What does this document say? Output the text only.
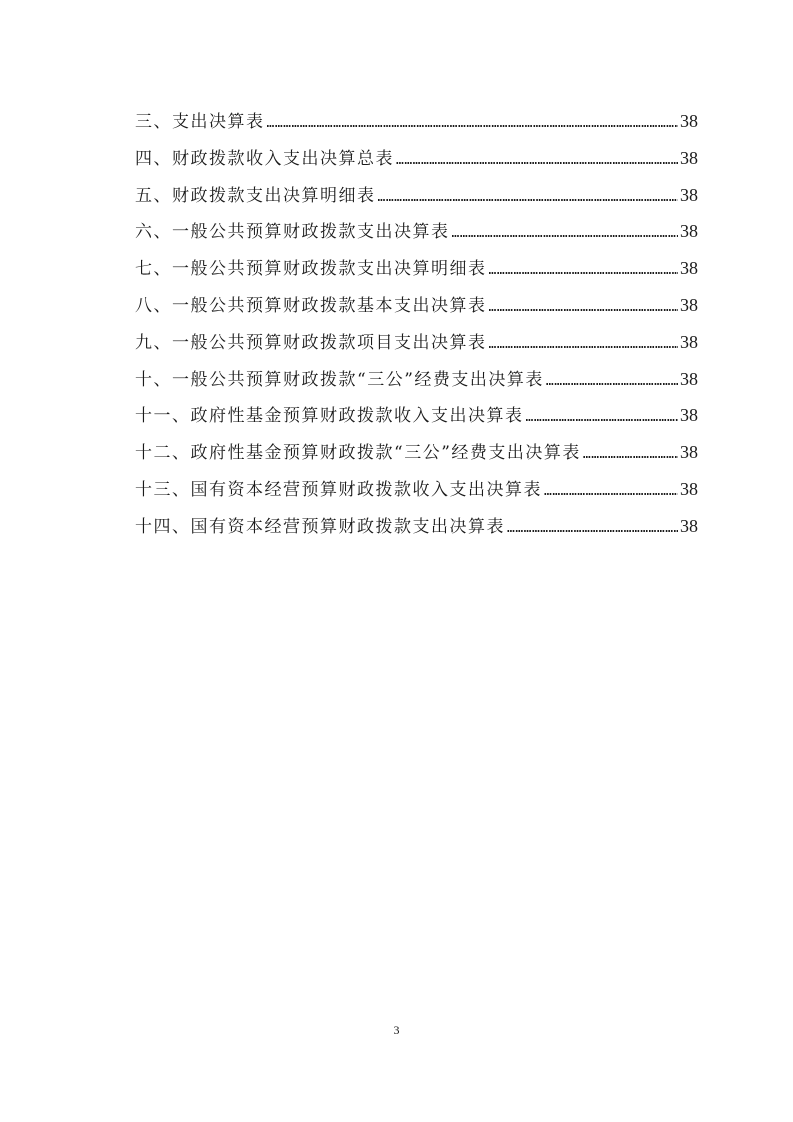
三、支出决算表 ………………………………………………………………………………………………………………………………………………………………	38
四、财政拨款收入支出决算总表 ………………………………………………………………………………………………………………………………………………………………	38
五、财政拨款支出决算明细表 ………………………………………………………………………………………………………………………………………………………………	38
六、一般公共预算财政拨款支出决算表 ………………………………………………………………………………………………………………………………………………………………	38
七、一般公共预算财政拨款支出决算明细表 ………………………………………………………………………………………………………………………………………………………………	38
八、一般公共预算财政拨款基本支出决算表 ………………………………………………………………………………………………………………………………………………………………	38
九、一般公共预算财政拨款项目支出决算表 ………………………………………………………………………………………………………………………………………………………………	38
十、一般公共预算财政拨款“三公”经费支出决算表 ………………………………………………………………………………………………………………………………………………………………	38
十一、政府性基金预算财政拨款收入支出决算表 ………………………………………………………………………………………………………………………………………………………………	38
十二、政府性基金预算财政拨款“三公”经费支出决算表 ………………………………………………………………………………………………………………………………………………………………	38
十三、国有资本经营预算财政拨款收入支出决算表 ………………………………………………………………………………………………………………………………………………………………	38
十四、国有资本经营预算财政拨款支出决算表 ………………………………………………………………………………………………………………………………………………………………	38
3
